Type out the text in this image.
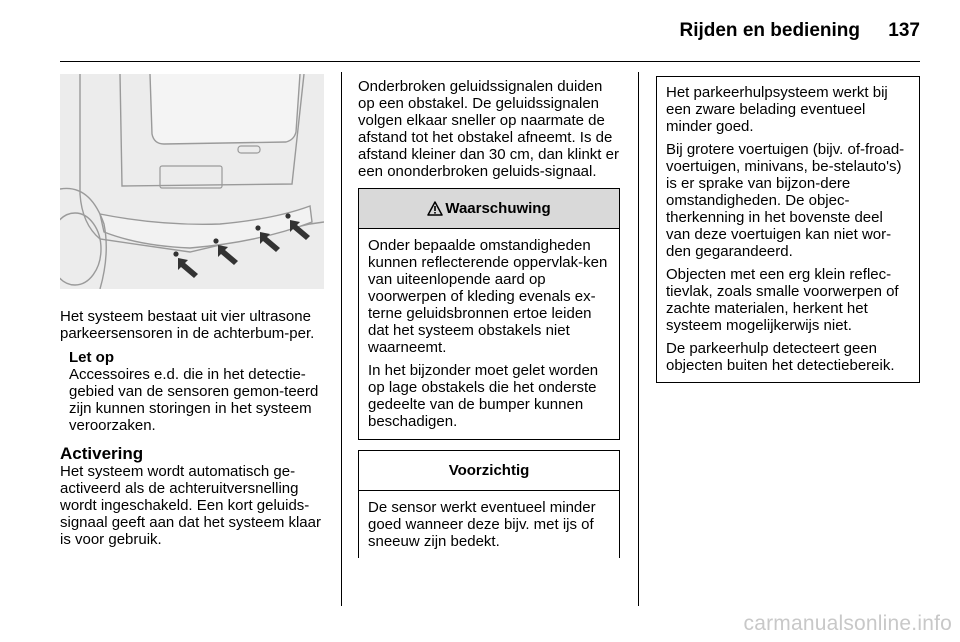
Rijden en bediening 137

Het systeem bestaat uit vier ultrasone parkeersensoren in de achterbum-per.

Let op
Accessoires e.d. die in het detectie-gebied van de sensoren gemon-teerd zijn kunnen storingen in het systeem veroorzaken.
Activering

Het systeem wordt automatisch ge-activeerd als de achteruitversnelling wordt ingeschakeld. Een kort geluids-signaal geeft aan dat het systeem klaar is voor gebruik.

Onderbroken geluidssignalen duiden op een obstakel. De geluidssignalen volgen elkaar sneller op naarmate de afstand tot het obstakel afneemt. Is de afstand kleiner dan 30 cm, dan klinkt er een ononderbroken geluids-signaal.

Waarschuwing

Onder bepaalde omstandigheden kunnen reflecterende oppervlak-ken van uiteenlopende aard op voorwerpen of kleding evenals ex-terne geluidsbronnen ertoe leiden dat het systeem obstakels niet waarneemt.

In het bijzonder moet gelet worden op lage obstakels die het onderste gedeelte van de bumper kunnen beschadigen.

Voorzichtig

De sensor werkt eventueel minder goed wanneer deze bijv. met ijs of sneeuw zijn bedekt.

Het parkeerhulpsysteem werkt bij een zware belading eventueel minder goed.

Bij grotere voertuigen (bijv. of-froad-voertuigen, minivans, be-stelauto's) is er sprake van bijzon-dere omstandigheden. De objec-therkenning in het bovenste deel van deze voertuigen kan niet wor-den gegarandeerd.

Objecten met een erg klein reflec-tievlak, zoals smalle voorwerpen of zachte materialen, herkent het systeem mogelijkerwijs niet.

De parkeerhulp detecteert geen objecten buiten het detectiebereik.

carmanualsonline.info
